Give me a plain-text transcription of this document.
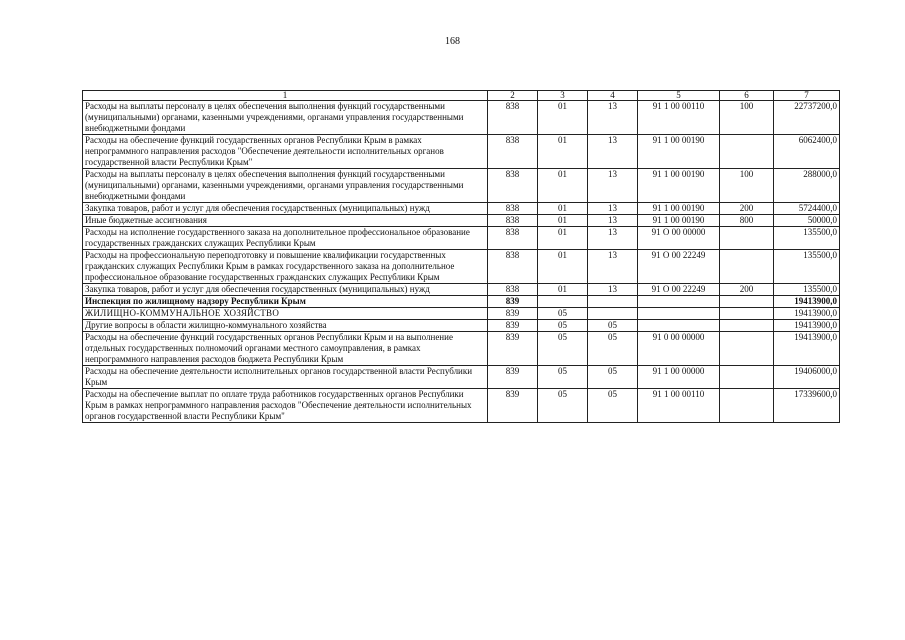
168
1	2	3	4	5	6	7
Расходы на выплаты персоналу в целях обеспечения выполнения функций государственными (муниципальными) органами, казенными учреждениями, органами управления государственными внебюджетными фондами	838	01	13	91 1 00 00110	100	22737200,0
Расходы на обеспечение функций государственных органов Республики Крым в рамках непрограммного направления расходов "Обеспечение деятельности исполнительных органов государственной власти Республики Крым"	838	01	13	91 1 00 00190		6062400,0
Расходы на выплаты персоналу в целях обеспечения выполнения функций государственными (муниципальными) органами, казенными учреждениями, органами управления государственными внебюджетными фондами	838	01	13	91 1 00 00190	100	288000,0
Закупка товаров, работ и услуг для обеспечения государственных (муниципальных) нужд	838	01	13	91 1 00 00190	200	5724400,0
Иные бюджетные ассигнования	838	01	13	91 1 00 00190	800	50000,0
Расходы на исполнение государственного заказа на дополнительное профессиональное образование государственных гражданских служащих Республики Крым	838	01	13	91 О 00 00000		135500,0
Расходы на профессиональную переподготовку и повышение квалификации государственных гражданских служащих Республики Крым в рамках государственного заказа на дополнительное профессиональное образование государственных гражданских служащих Республики Крым	838	01	13	91 О 00 22249		135500,0
Закупка товаров, работ и услуг для обеспечения государственных (муниципальных) нужд	838	01	13	91 О 00 22249	200	135500,0
Инспекция по жилищному надзору Республики Крым	839					19413900,0
ЖИЛИЩНО-КОММУНАЛЬНОЕ ХОЗЯЙСТВО	839	05				19413900,0
Другие вопросы в области жилищно-коммунального хозяйства	839	05	05			19413900,0
Расходы на обеспечение функций государственных органов Республики Крым и на выполнение отдельных государственных полномочий органами местного самоуправления, в рамках непрограммного направления расходов бюджета Республики Крым	839	05	05	91 0 00 00000		19413900,0
Расходы на обеспечение деятельности исполнительных органов государственной власти Республики Крым	839	05	05	91 1 00 00000		19406000,0
Расходы на обеспечение выплат по оплате труда работников государственных органов Республики Крым в рамках непрограммного направления расходов "Обеспечение деятельности исполнительных органов государственной власти Республики Крым"	839	05	05	91 1 00 00110		17339600,0
